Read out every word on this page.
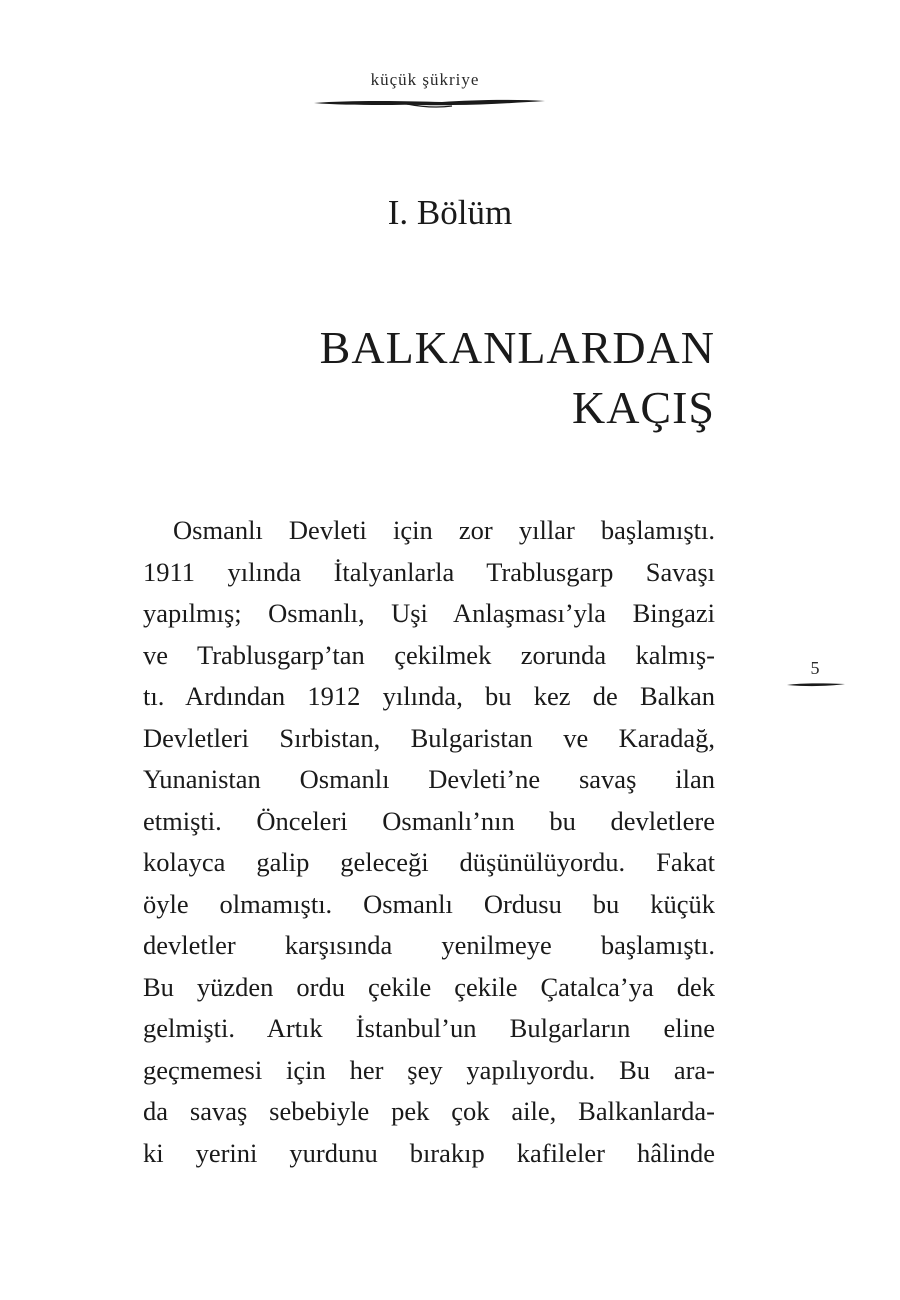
küçük şükriye
I. Bölüm
BALKANLARDAN
KAÇIŞ
Osmanlı Devleti için zor yıllar başlamıştı.
1911 yılında İtalyanlarla Trablusgarp Savaşı
yapılmış; Osmanlı, Uşi Anlaşması’yla Bingazi
ve Trablusgarp’tan çekilmek zorunda kalmış-
tı. Ardından 1912 yılında, bu kez de Balkan
Devletleri Sırbistan, Bulgaristan ve Karadağ,
Yunanistan Osmanlı Devleti’ne savaş ilan
etmişti. Önceleri Osmanlı’nın bu devletlere
kolayca galip geleceği düşünülüyordu. Fakat
öyle olmamıştı. Osmanlı Ordusu bu küçük
devletler karşısında yenilmeye başlamıştı.
Bu yüzden ordu çekile çekile Çatalca’ya dek
gelmişti. Artık İstanbul’un Bulgarların eline
geçmemesi için her şey yapılıyordu. Bu ara-
da savaş sebebiyle pek çok aile, Balkanlarda-
ki yerini yurdunu bırakıp kafileler hâlinde
5
